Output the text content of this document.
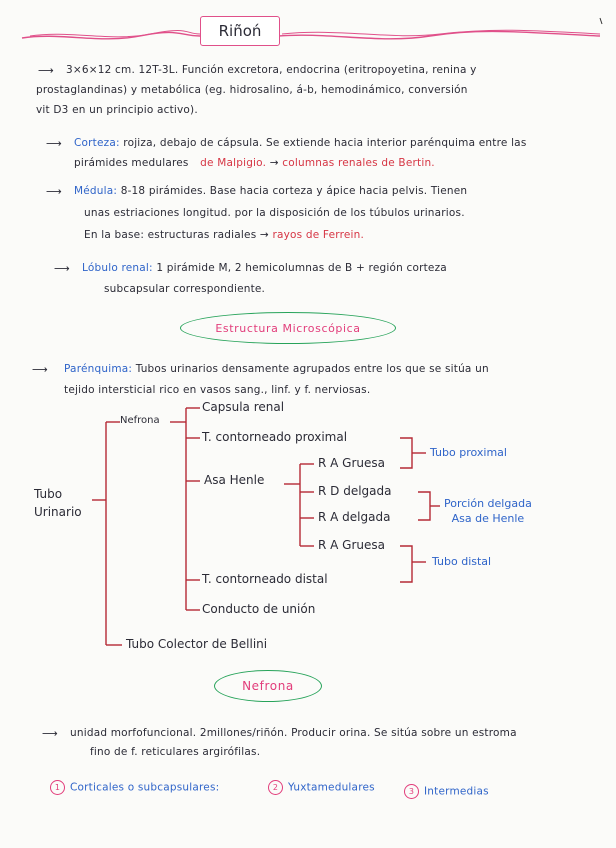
Riñoń
⟶ 3×6×12 cm. 12T-3L. Función excretora, endocrina (eritropoyetina, renina y
prostaglandinas) y metabólica (eg. hidrosalino, á-b, hemodinámico, conversión
vit D3 en un principio activo).
⟶ Corteza: rojiza, debajo de cápsula. Se extiende hacia interior parénquima entre las
pirámides medulares de Malpigio. → columnas renales de Bertin.
⟶ Médula: 8-18 pirámides. Base hacia corteza y ápice hacia pelvis. Tienen
unas estriaciones longitud. por la disposición de los túbulos urinarios.
En la base: estructuras radiales → rayos de Ferrein.
⟶ Lóbulo renal: 1 pirámide M, 2 hemicolumnas de B + región corteza
subcapsular correspondiente.
Estructura Microscópica
⟶ Parénquima: Tubos urinarios densamente agrupados entre los que se sitúa un
tejido intersticial rico en vasos sang., linf. y f. nerviosas.
Tubo
Urinario
Nefrona
Capsula renal
T. contorneado proximal
Asa Henle
R A Gruesa
R D delgada
R A delgada
R A Gruesa
T. contorneado distal
Conducto de unión
Tubo Colector de Bellini
Tubo proximal
Porción delgada
Asa de Henle
Tubo distal
Nefrona
⟶ unidad morfofuncional. 2millones/riñón. Producir orina. Se sitúa sobre un estroma
fino de f. reticulares argirófilas.
1 Corticales o subcapsulares:	2 Yuxtamedulares	3 Intermedias
